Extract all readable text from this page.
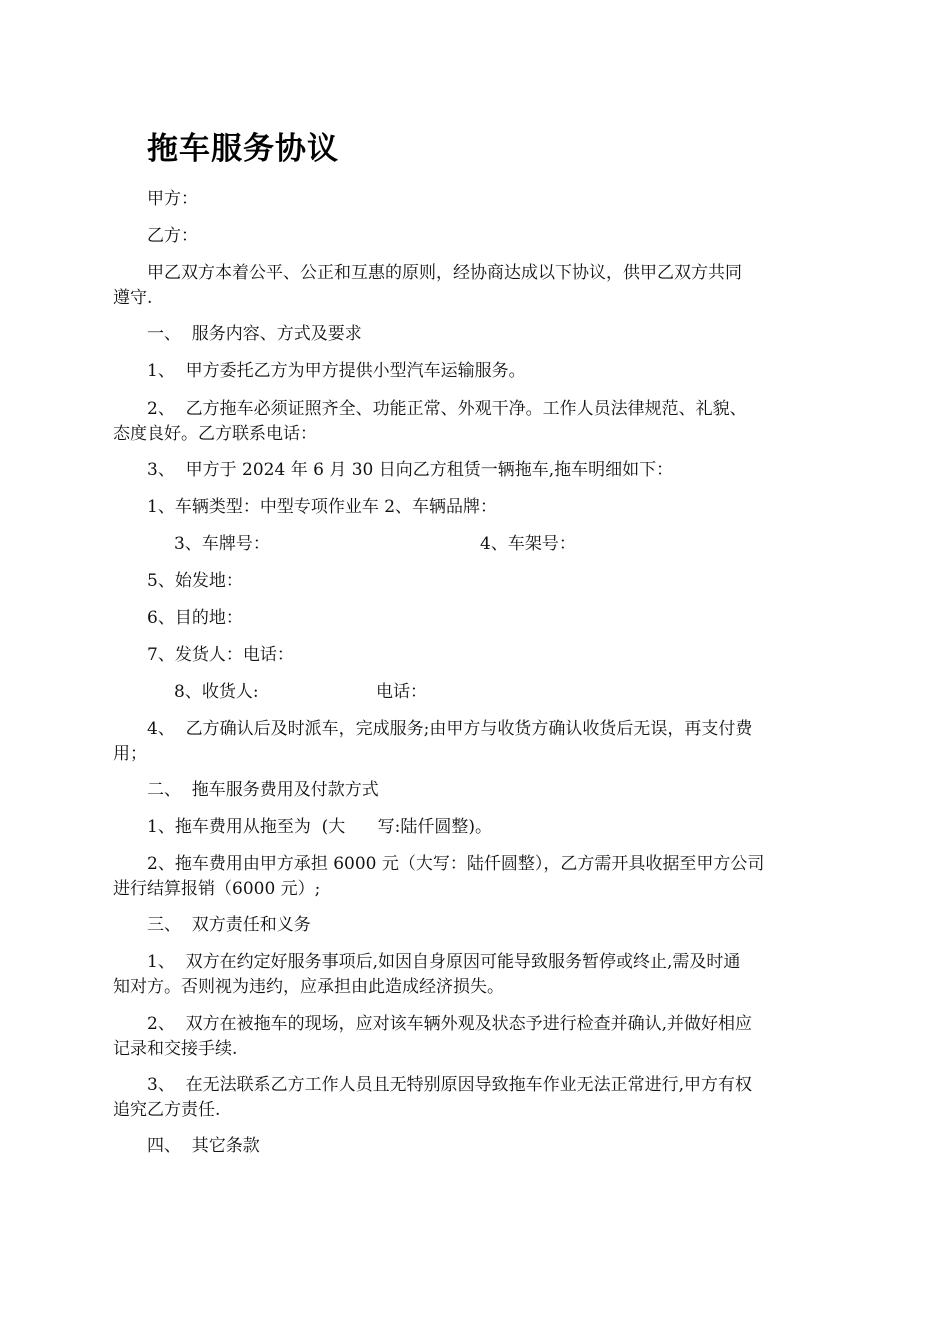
拖车服务协议

甲方：

乙方：

甲乙双方本着公平、公正和互惠的原则，经协商达成以下协议，供甲乙双方共同

遵守.

一、  服务内容、方式及要求

1、  甲方委托乙方为甲方提供小型汽车运输服务。

2、  乙方拖车必须证照齐全、功能正常、外观干净。工作人员法律规范、礼貌、

态度良好。乙方联系电话：

3、  甲方于 2024 年 6 月 30 日向乙方租赁一辆拖车,拖车明细如下：

1、车辆类型：中型专项作业车 2、车辆品牌：

3、车牌号：	4、车架号：

5、始发地：

6、目的地：

7、发货人：电话：

8、收货人:	电话：

4、  乙方确认后及时派车，完成服务;由甲方与收货方确认收货后无误，再支付费

用；

二、  拖车服务费用及付款方式

1、拖车费用从拖至为  (大      写:陆仟圆整)。

2、拖车费用由甲方承担 6000 元（大写：陆仟圆整），乙方需开具收据至甲方公司

进行结算报销（6000 元）;

三、  双方责任和义务

1、  双方在约定好服务事项后,如因自身原因可能导致服务暂停或终止,需及时通

知对方。否则视为违约，应承担由此造成经济损失。

2、  双方在被拖车的现场，应对该车辆外观及状态予进行检查并确认,并做好相应

记录和交接手续.

3、  在无法联系乙方工作人员且无特别原因导致拖车作业无法正常进行,甲方有权

追究乙方责任.

四、  其它条款
